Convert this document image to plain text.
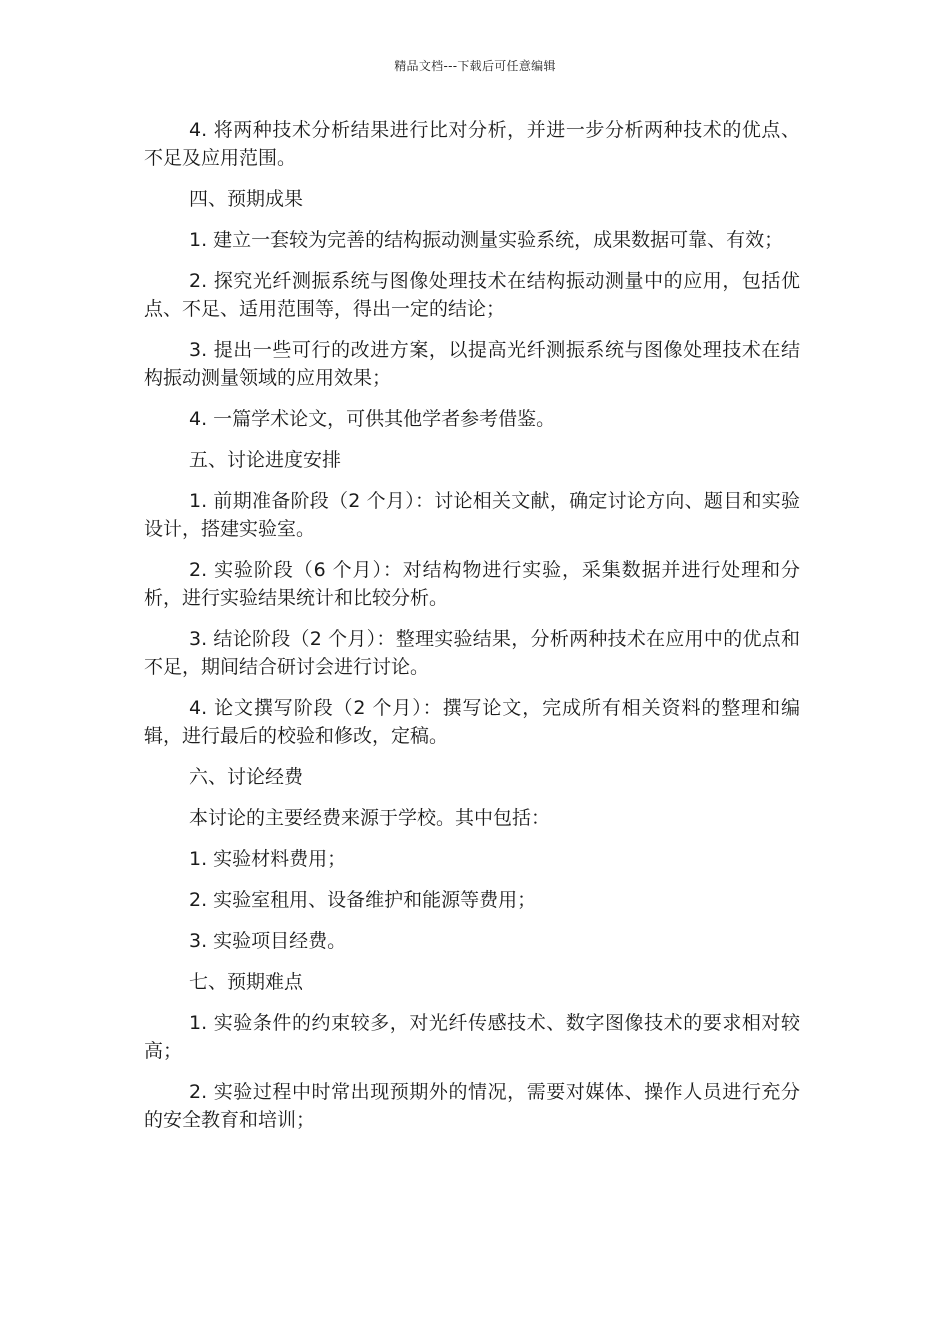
精品文档---下载后可任意编辑

4. 将两种技术分析结果进行比对分析，并进一步分析两种技术的优点、不足及应用范围。

四、预期成果

1. 建立一套较为完善的结构振动测量实验系统，成果数据可靠、有效；

2. 探究光纤测振系统与图像处理技术在结构振动测量中的应用，包括优点、不足、适用范围等，得出一定的结论；

3. 提出一些可行的改进方案，以提高光纤测振系统与图像处理技术在结构振动测量领域的应用效果；

4. 一篇学术论文，可供其他学者参考借鉴。

五、讨论进度安排

1. 前期准备阶段（2 个月）：讨论相关文献，确定讨论方向、题目和实验设计，搭建实验室。

2. 实验阶段（6 个月）：对结构物进行实验，采集数据并进行处理和分析，进行实验结果统计和比较分析。

3. 结论阶段（2 个月）：整理实验结果，分析两种技术在应用中的优点和不足，期间结合研讨会进行讨论。

4. 论文撰写阶段（2 个月）：撰写论文，完成所有相关资料的整理和编辑，进行最后的校验和修改，定稿。

六、讨论经费

本讨论的主要经费来源于学校。其中包括：

1. 实验材料费用；

2. 实验室租用、设备维护和能源等费用；

3. 实验项目经费。

七、预期难点

1. 实验条件的约束较多，对光纤传感技术、数字图像技术的要求相对较高；

2. 实验过程中时常出现预期外的情况，需要对媒体、操作人员进行充分的安全教育和培训；
